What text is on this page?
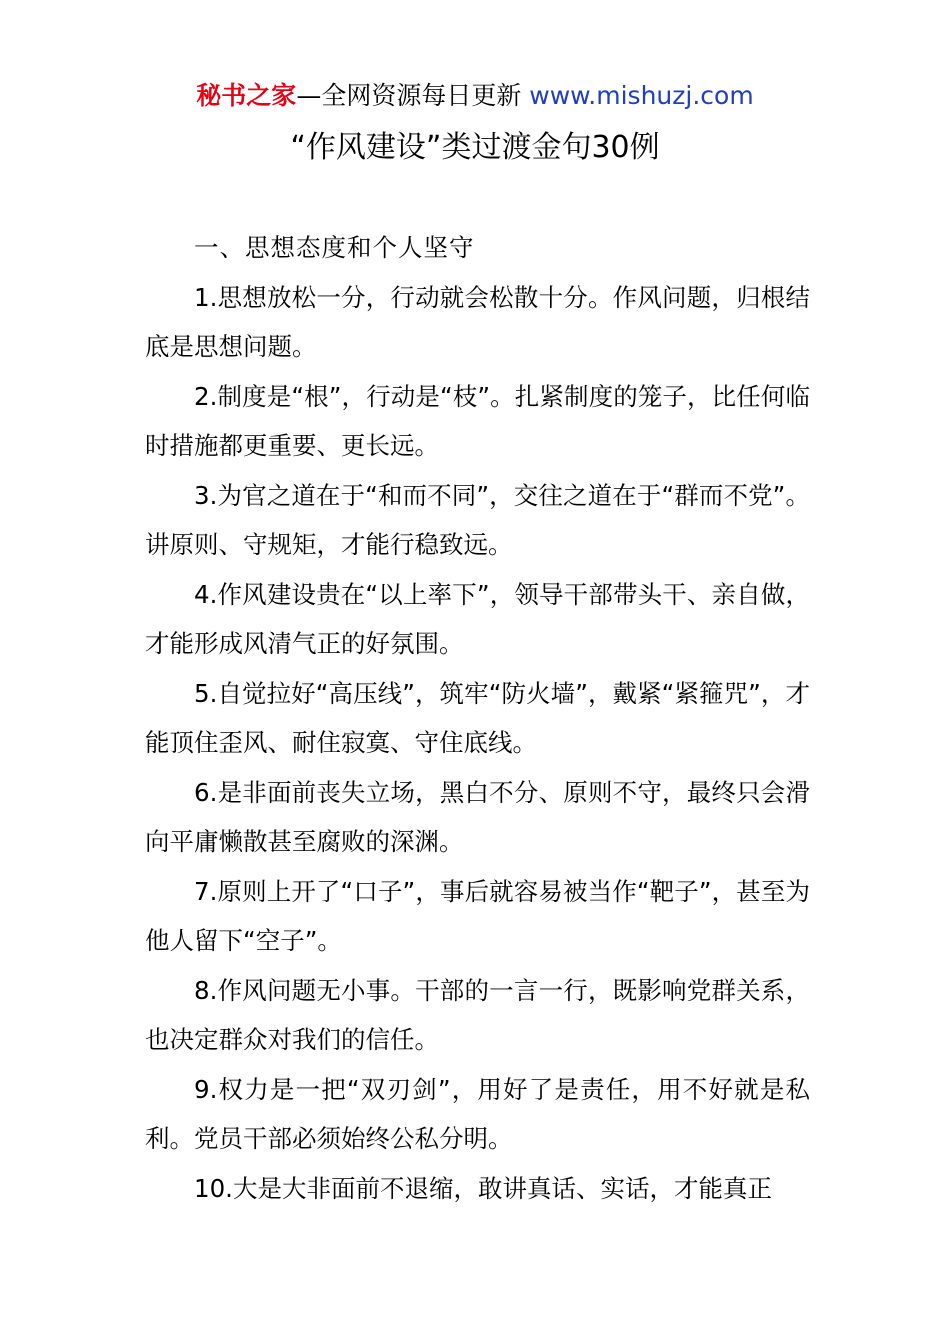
秘书之家—全网资源每日更新 www.mishuzj.com
“作风建设”类过渡金句30例

一、思想态度和个人坚守

1.思想放松一分，行动就会松散十分。作风问题，归根结底是思想问题。

2.制度是“根”，行动是“枝”。扎紧制度的笼子，比任何临时措施都更重要、更长远。

3.为官之道在于“和而不同”，交往之道在于“群而不党”。讲原则、守规矩，才能行稳致远。

4.作风建设贵在“以上率下”，领导干部带头干、亲自做，才能形成风清气正的好氛围。

5.自觉拉好“高压线”，筑牢“防火墙”，戴紧“紧箍咒”，才能顶住歪风、耐住寂寞、守住底线。

6.是非面前丧失立场，黑白不分、原则不守，最终只会滑向平庸懒散甚至腐败的深渊。

7.原则上开了“口子”，事后就容易被当作“靶子”，甚至为他人留下“空子”。

8.作风问题无小事。干部的一言一行，既影响党群关系，也决定群众对我们的信任。

9.权力是一把“双刃剑”，用好了是责任，用不好就是私利。党员干部必须始终公私分明。

10.大是大非面前不退缩，敢讲真话、实话，才能真正
